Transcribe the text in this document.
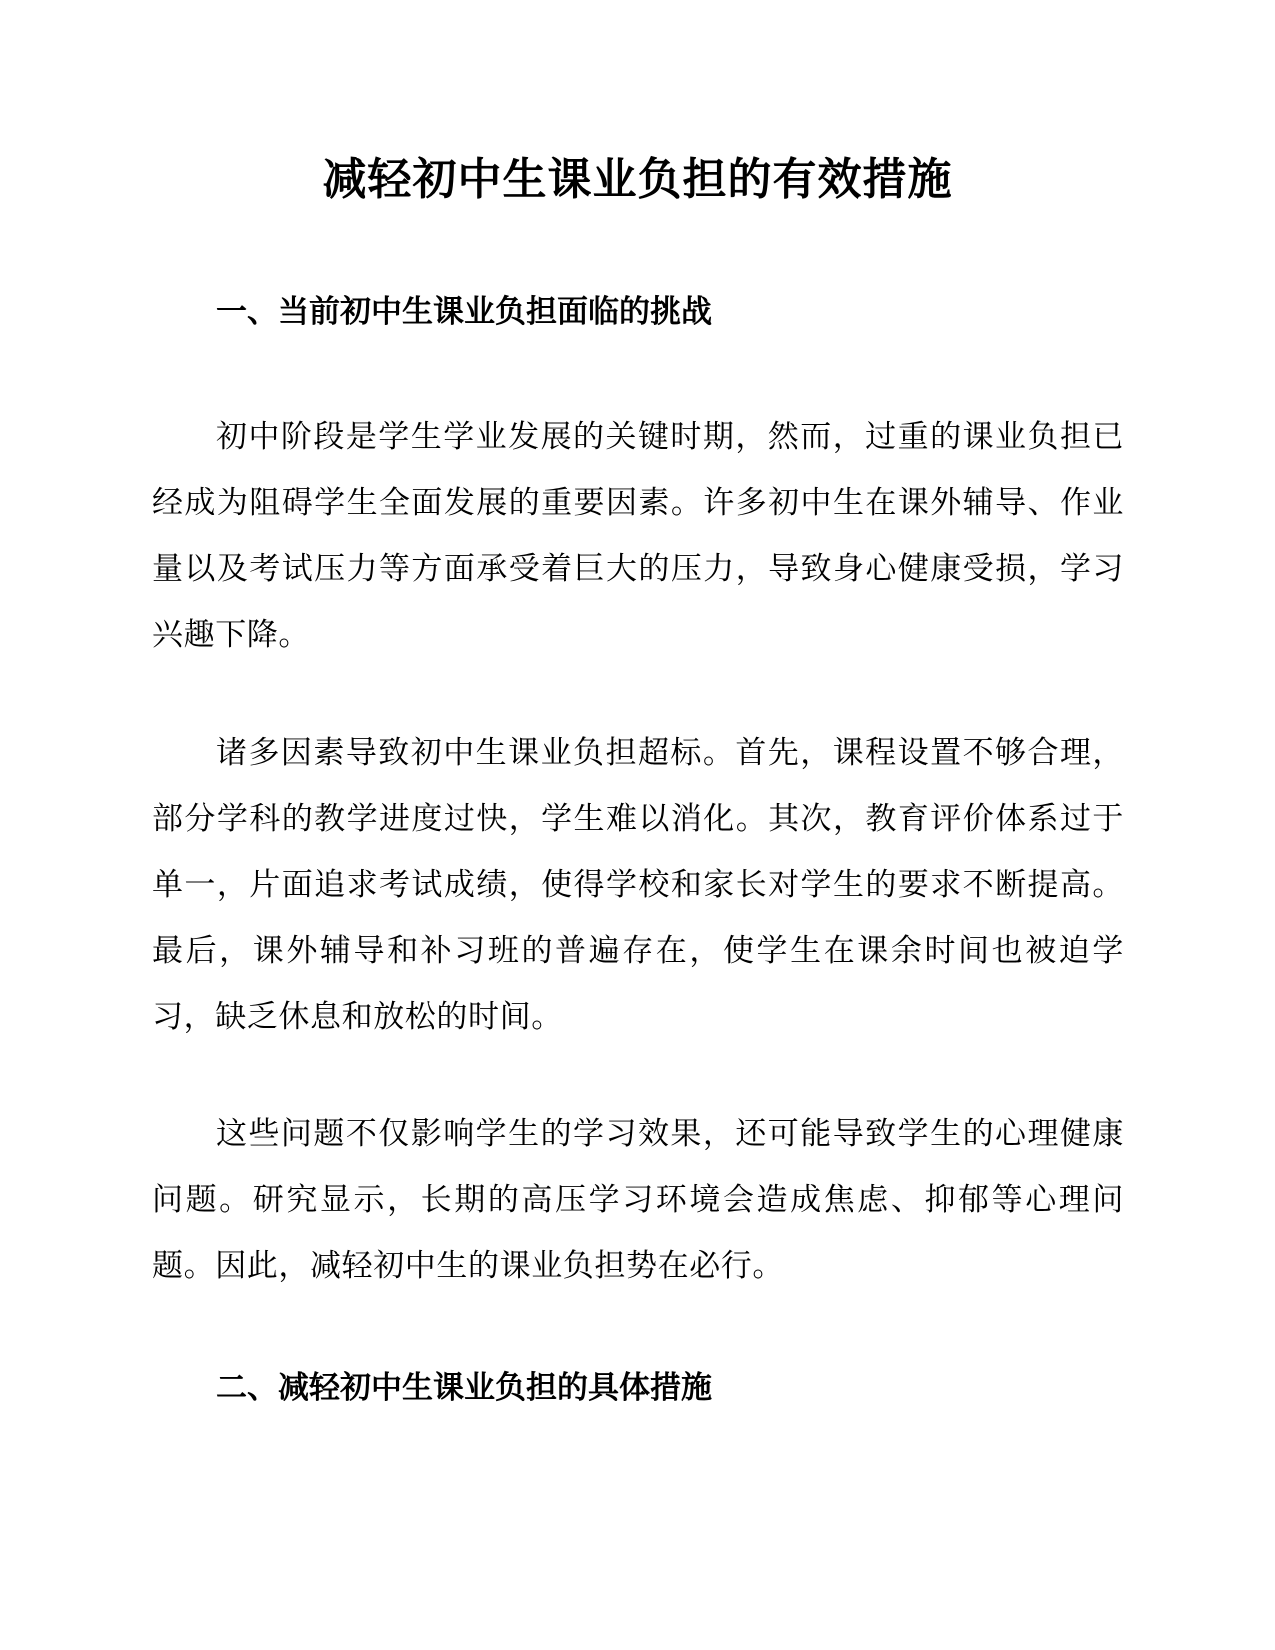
减轻初中生课业负担的有效措施
一、当前初中生课业负担面临的挑战

初中阶段是学生学业发展的关键时期，然而，过重的课业负担已经成为阻碍学生全面发展的重要因素。许多初中生在课外辅导、作业量以及考试压力等方面承受着巨大的压力，导致身心健康受损，学习兴趣下降。

诸多因素导致初中生课业负担超标。首先，课程设置不够合理，部分学科的教学进度过快，学生难以消化。其次，教育评价体系过于单一，片面追求考试成绩，使得学校和家长对学生的要求不断提高。最后，课外辅导和补习班的普遍存在，使学生在课余时间也被迫学习，缺乏休息和放松的时间。

这些问题不仅影响学生的学习效果，还可能导致学生的心理健康问题。研究显示，长期的高压学习环境会造成焦虑、抑郁等心理问题。因此，减轻初中生的课业负担势在必行。

二、减轻初中生课业负担的具体措施
